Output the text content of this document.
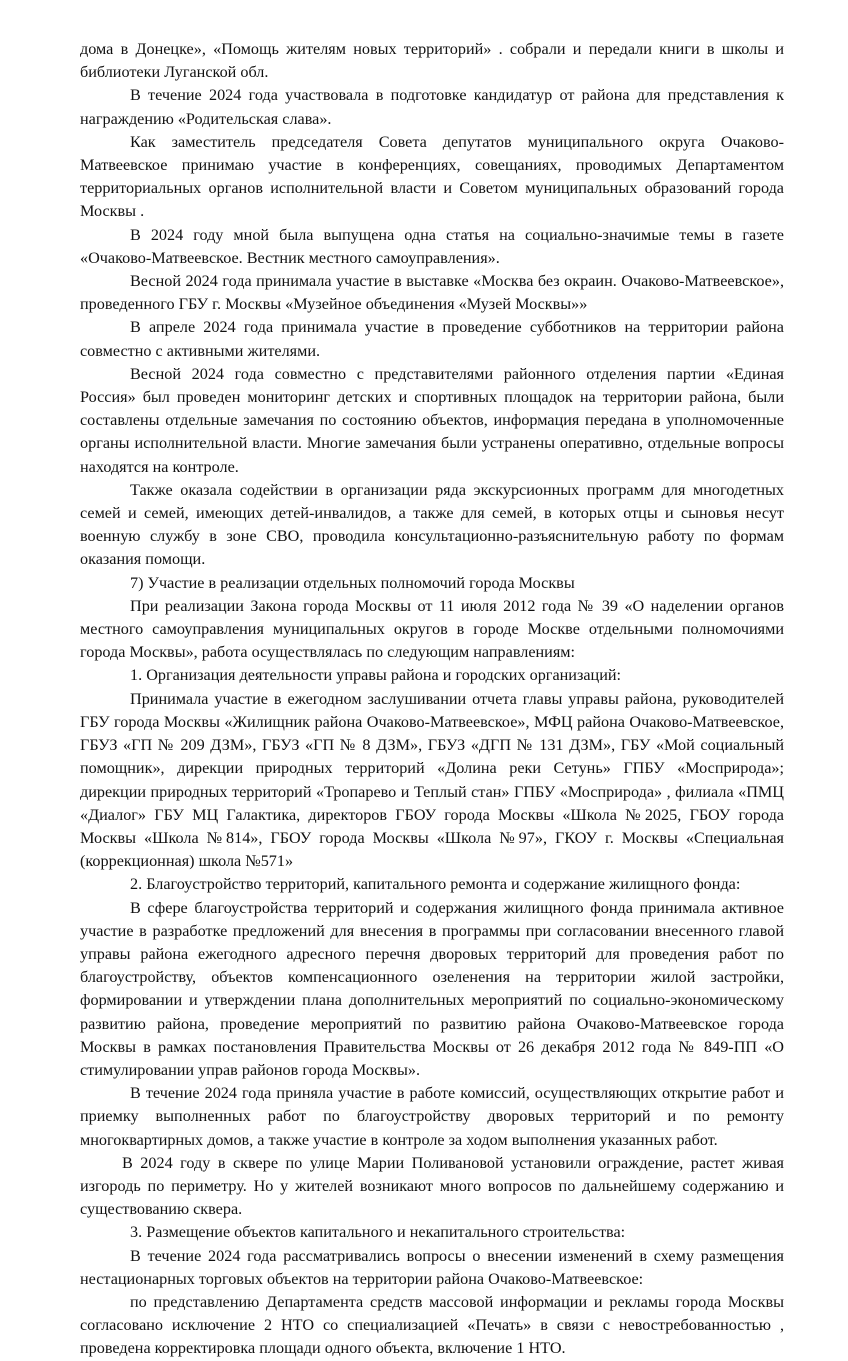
дома в Донецке», «Помощь жителям новых территорий» . собрали и передали книги в школы и библиотеки Луганской обл.

В течение 2024 года участвовала в подготовке кандидатур от района для представления к награждению «Родительская слава».

Как заместитель председателя Совета депутатов муниципального округа Очаково-Матвеевское принимаю участие в конференциях, совещаниях, проводимых Департаментом территориальных органов исполнительной власти и Советом муниципальных образований города Москвы .

В 2024 году мной была выпущена одна статья на социально-значимые темы в газете «Очаково-Матвеевское. Вестник местного самоуправления».

Весной 2024 года принимала участие в выставке «Москва без окраин. Очаково-Матвеевское», проведенного ГБУ г. Москвы «Музейное объединения «Музей Москвы»»

В апреле 2024 года принимала участие в проведение субботников на территории района совместно с активными жителями.

Весной 2024 года совместно с представителями районного отделения партии «Единая Россия» был проведен мониторинг детских и спортивных площадок на территории района, были составлены отдельные замечания по состоянию объектов, информация передана в уполномоченные органы исполнительной власти. Многие замечания были устранены оперативно, отдельные вопросы находятся на контроле.

Также оказала содействии в организации ряда экскурсионных программ для многодетных семей и семей, имеющих детей-инвалидов, а также для семей, в которых отцы и сыновья несут военную службу в зоне СВО, проводила консультационно-разъяснительную работу по формам оказания помощи.

7) Участие в реализации отдельных полномочий города Москвы

При реализации Закона города Москвы от 11 июля 2012 года № 39 «О наделении органов местного самоуправления муниципальных округов в городе Москве отдельными полномочиями города Москвы», работа осуществлялась по следующим направлениям:

1. Организация деятельности управы района и городских организаций:

Принимала участие в ежегодном заслушивании отчета главы управы района, руководителей ГБУ города Москвы «Жилищник района Очаково-Матвеевское», МФЦ района Очаково-Матвеевское, ГБУЗ «ГП № 209 ДЗМ», ГБУЗ «ГП № 8 ДЗМ», ГБУЗ «ДГП № 131 ДЗМ», ГБУ «Мой социальный помощник», дирекции природных территорий «Долина реки Сетунь» ГПБУ «Мосприрода»; дирекции природных территорий «Тропарево и Теплый стан» ГПБУ «Мосприрода» , филиала «ПМЦ «Диалог» ГБУ МЦ Галактика, директоров ГБОУ города Москвы «Школа №2025, ГБОУ города Москвы «Школа №814», ГБОУ города Москвы «Школа №97», ГКОУ г. Москвы «Специальная (коррекционная) школа №571»

2. Благоустройство территорий, капитального ремонта и содержание жилищного фонда:

В сфере благоустройства территорий и содержания жилищного фонда принимала активное участие в разработке предложений для внесения в программы при согласовании внесенного главой управы района ежегодного адресного перечня дворовых территорий для проведения работ по благоустройству, объектов компенсационного озеленения на территории жилой застройки, формировании и утверждении плана дополнительных мероприятий по социально-экономическому развитию района, проведение мероприятий по развитию района Очаково-Матвеевское города Москвы в рамках постановления Правительства Москвы от 26 декабря 2012 года № 849-ПП «О стимулировании управ районов города Москвы».

В течение 2024 года приняла участие в работе комиссий, осуществляющих открытие работ и приемку выполненных работ по благоустройству дворовых территорий и по ремонту многоквартирных домов, а также участие в контроле за ходом выполнения указанных работ.

В 2024 году в сквере по улице Марии Поливановой установили ограждение, растет живая изгородь по периметру. Но у жителей возникают много вопросов по дальнейшему содержанию и существованию сквера.

3. Размещение объектов капитального и некапитального строительства:

В течение 2024 года рассматривались вопросы о внесении изменений в схему размещения нестационарных торговых объектов на территории района Очаково-Матвеевское:

по представлению Департамента средств массовой информации и рекламы города Москвы согласовано исключение 2 НТО со специализацией «Печать» в связи с невостребованностью , проведена корректировка площади одного объекта, включение 1 НТО.
